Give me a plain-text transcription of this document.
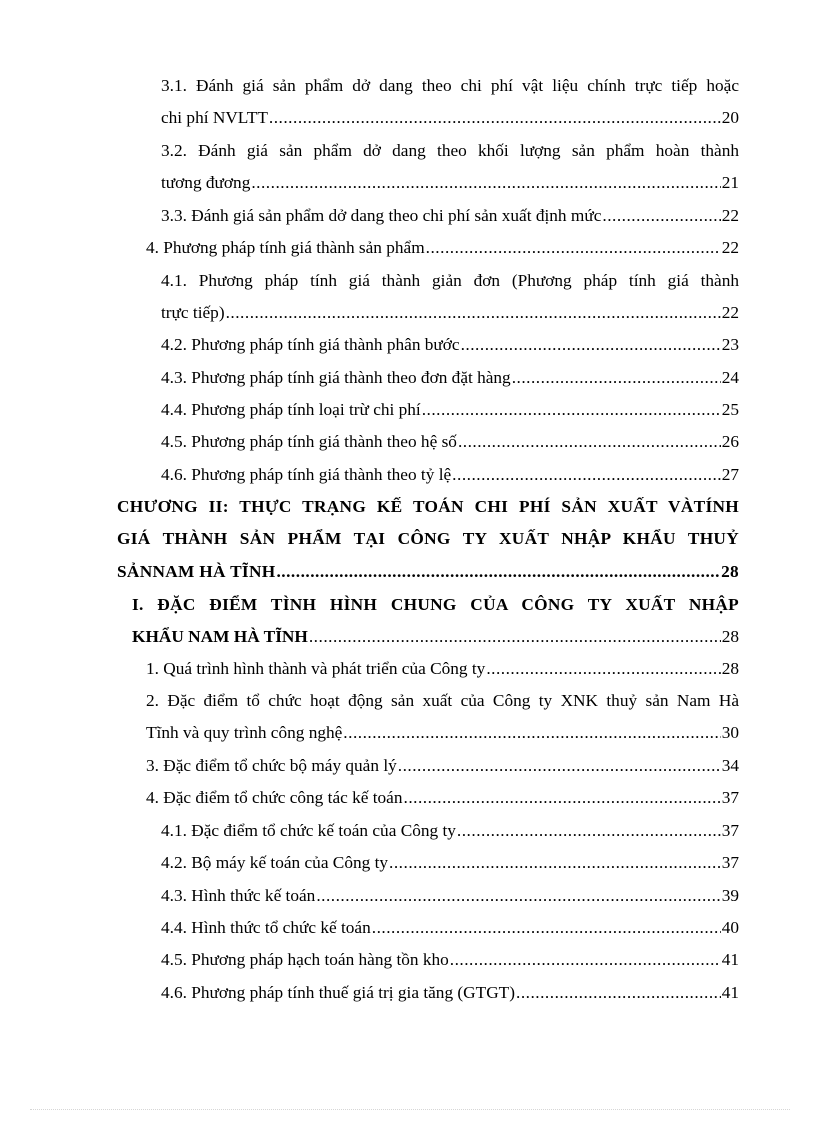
3.1. Đánh giá sản phẩm dở dang theo chi phí vật liệu chính trực tiếp hoặc
chi phí NVLTT .....	20
3.2. Đánh giá sản phẩm dở dang theo khối lượng sản phẩm hoàn thành
tương đương .....	21
3.3. Đánh giá sản phẩm dở dang theo chi phí sản xuất định mức .....	22
4. Phương pháp tính giá thành sản phẩm .....	22
4.1. Phương pháp tính giá thành giản đơn (Phương pháp tính giá thành
trực tiếp) .....	22
4.2. Phương pháp tính giá thành phân bước .....	23
4.3. Phương pháp tính giá thành theo đơn đặt hàng .....	24
4.4. Phương pháp tính loại trừ chi phí .....	25
4.5. Phương pháp tính giá thành theo hệ số .....	26
4.6. Phương pháp tính giá thành theo tỷ lệ .....	27
CHƯƠNG II: THỰC TRẠNG KẾ TOÁN CHI PHÍ SẢN XUẤT VÀTÍNH
GIÁ THÀNH SẢN PHẨM TẠI CÔNG TY XUẤT NHẬP KHẨU THUỶ
SẢNNAM HÀ TĨNH .....	28
I. ĐẶC ĐIỂM TÌNH HÌNH CHUNG CỦA CÔNG TY XUẤT NHẬP
KHẨU NAM HÀ TĨNH .....	28
1. Quá trình hình thành và phát triển của Công ty .....	28
2. Đặc điểm tổ chức hoạt động sản xuất của Công ty XNK thuỷ sản Nam Hà
Tĩnh và quy trình công nghệ .....	30
3. Đặc điểm tổ chức bộ máy quản lý .....	34
4. Đặc điểm tổ chức công tác kế toán .....	37
4.1. Đặc điểm tổ chức kế toán của Công ty .....	37
4.2. Bộ máy kế toán của Công ty .....	37
4.3. Hình thức kế toán .....	39
4.4. Hình thức tổ chức kế toán .....	40
4.5. Phương pháp hạch toán hàng tồn kho .....	41
4.6. Phương pháp tính thuế giá trị gia tăng (GTGT) .....	41
